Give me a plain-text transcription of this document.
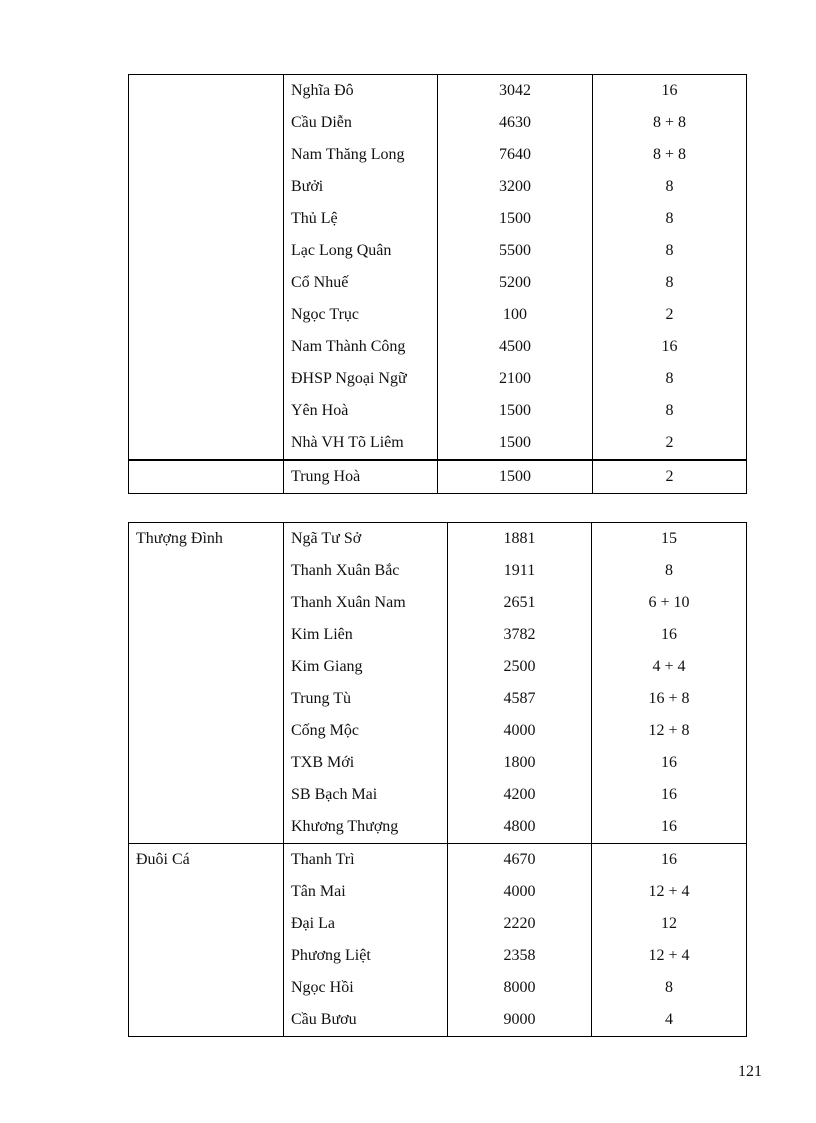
	Nghĩa Đô	3042	16
	Cầu Diễn	4630	8 + 8
	Nam Thăng Long	7640	8 + 8
	Bưởi	3200	8
	Thủ Lệ	1500	8
	Lạc Long Quân	5500	8
	Cổ Nhuế	5200	8
	Ngọc Trục	100	2
	Nam Thành Công	4500	16
	ĐHSP Ngoại Ngữ	2100	8
	Yên Hoà	1500	8
	Nhà VH Tõ Liêm	1500	2
	Trung Hoà	1500	2
Thượng Đình	Ngã Tư Sở	1881	15
	Thanh Xuân Bắc	1911	8
	Thanh Xuân Nam	2651	6 + 10
	Kim Liên	3782	16
	Kim Giang	2500	4 + 4
	Trung Tù	4587	16 + 8
	Cống Mộc	4000	12 + 8
	TXB Mới	1800	16
	SB Bạch Mai	4200	16
	Khương Thượng	4800	16
Đuôi Cá	Thanh Trì	4670	16
	Tân Mai	4000	12 + 4
	Đại La	2220	12
	Phương Liệt	2358	12 + 4
	Ngọc Hồi	8000	8
	Cầu Bươu	9000	4
121
